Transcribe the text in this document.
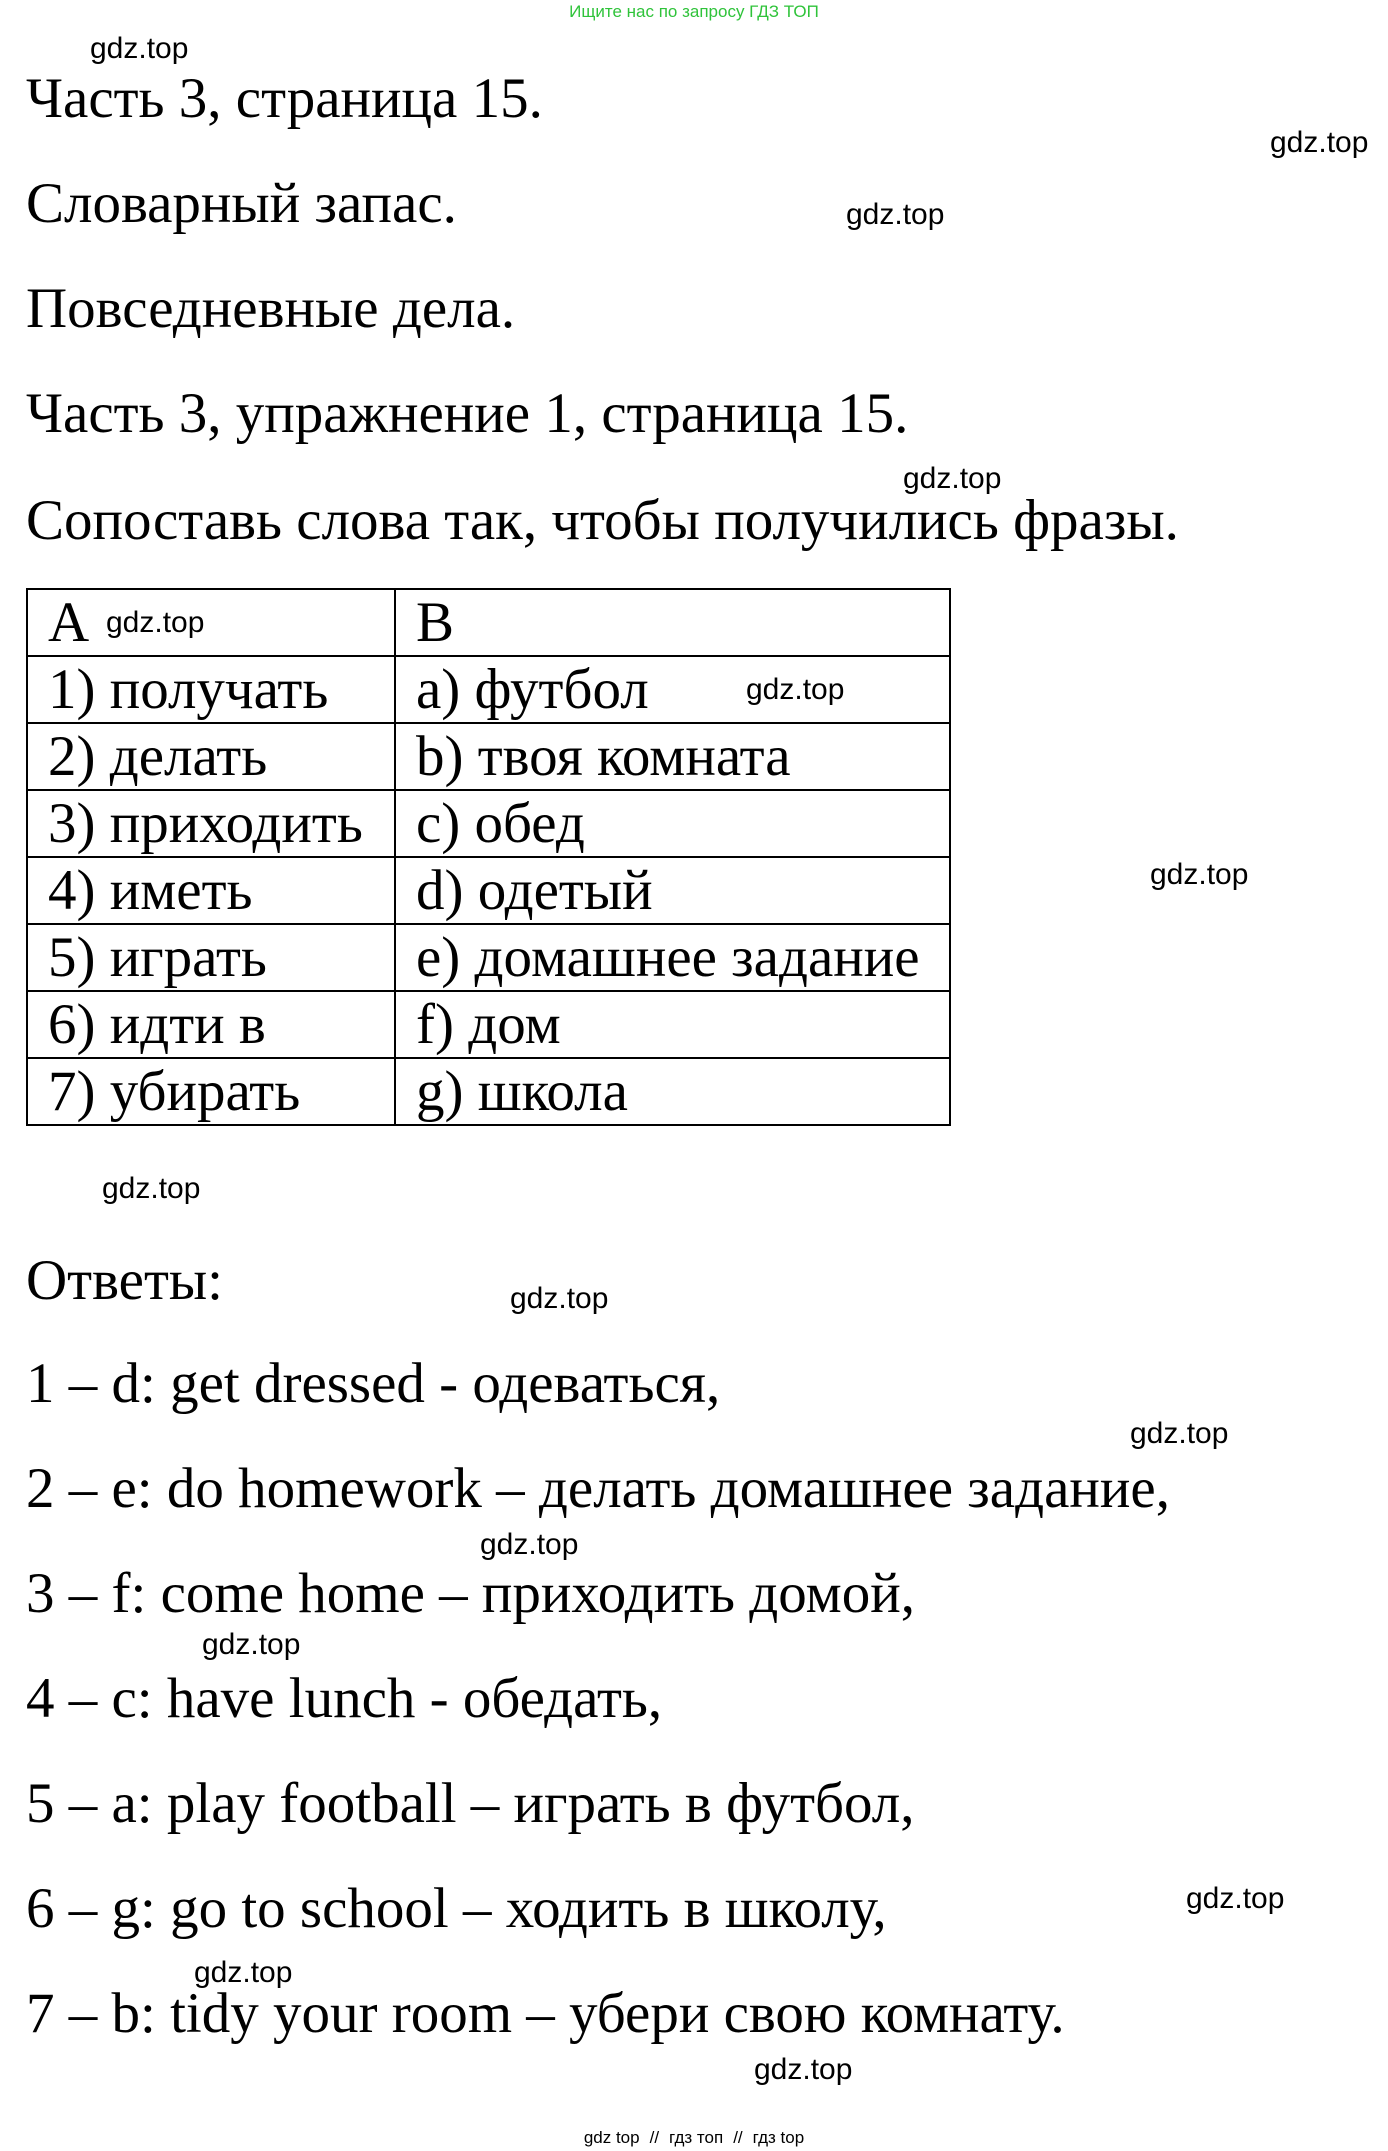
Ищите нас по запросу ГДЗ ТОП
Часть 3, страница 15.
Словарный запас.
Повседневные дела.
Часть 3, упражнение 1, страница 15.
Сопоставь слова так, чтобы получились фразы.
A	B
1) получать	a) футбол
2) делать	b) твоя комната
3) приходить	c) обед
4) иметь	d) одетый
5) играть	e) домашнее задание
6) идти в	f) дом
7) убирать	g) школа
Ответы:
1 – d: get dressed - одеваться,
2 – e: do homework – делать домашнее задание,
3 – f: come home – приходить домой,
4 – c: have lunch - обедать,
5 – a: play football – играть в футбол,
6 – g: go to school – ходить в школу,
7 – b: tidy your room – убери свою комнату.
gdz.top
gdz.top
gdz.top
gdz.top
gdz.top
gdz.top
gdz.top
gdz.top
gdz.top
gdz.top
gdz.top
gdz.top
gdz.top
gdz.top
gdz.top
gdz top // гдз топ // гдз top
